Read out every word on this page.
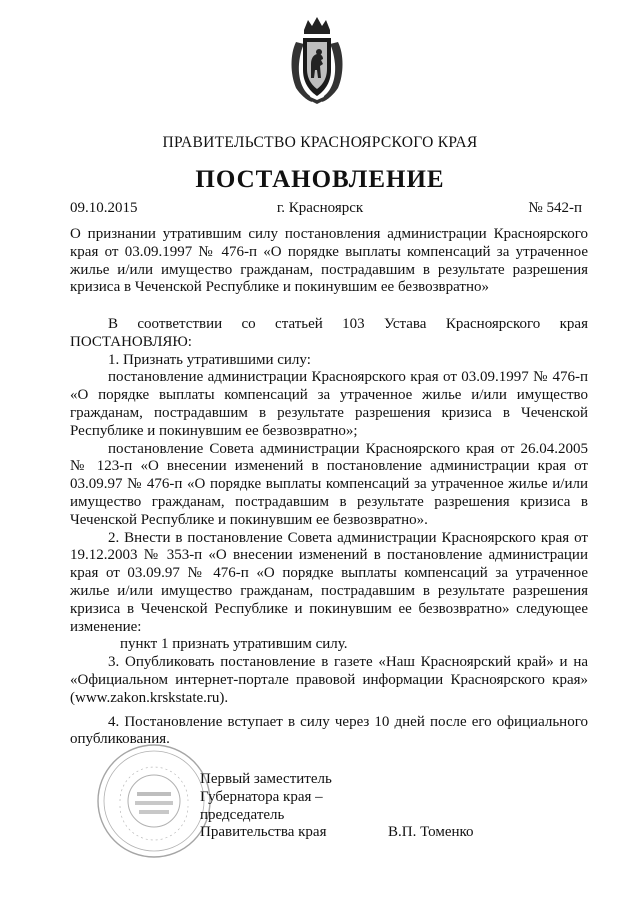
ПРАВИТЕЛЬСТВО КРАСНОЯРСКОГО КРАЯ
ПОСТАНОВЛЕНИЕ
09.10.2015	г. Красноярск	№ 542-п

О признании утратившим силу постановления администрации Красноярского края от 03.09.1997 № 476-п «О порядке выплаты компенсаций за утраченное жилье и/или имущество гражданам, пострадавшим в результате разрешения кризиса в Чеченской Республике и покинувшим ее безвозвратно»

В соответствии со статьей 103 Устава Красноярского края ПОСТАНОВЛЯЮ:

1. Признать утратившими силу:

постановление администрации Красноярского края от 03.09.1997 № 476-п «О порядке выплаты компенсаций за утраченное жилье и/или имущество гражданам, пострадавшим в результате разрешения кризиса в Чеченской Республике и покинувшим ее безвозвратно»;

постановление Совета администрации Красноярского края от 26.04.2005 № 123-п «О внесении изменений в постановление администрации края от 03.09.97 № 476-п «О порядке выплаты компенсаций за утраченное жилье и/или имущество гражданам, пострадавшим в результате разрешения кризиса в Чеченской Республике и покинувшим ее безвозвратно».

2. Внести в постановление Совета администрации Красноярского края от 19.12.2003 № 353-п «О внесении изменений в постановление администрации края от 03.09.97 № 476-п «О порядке выплаты компенсаций за утраченное жилье и/или имущество гражданам, пострадавшим в результате разрешения кризиса в Чеченской Республике и покинувшим ее безвозвратно» следующее изменение:

пункт 1 признать утратившим силу.

3. Опубликовать постановление в газете «Наш Красноярский край» и на «Официальном интернет-портале правовой информации Красноярского края» (www.zakon.krskstate.ru).

4. Постановление вступает в силу через 10 дней после его официального опубликования.

Первый заместитель

Губернатора края –

председатель

Правительства края	В.П. Томенко
